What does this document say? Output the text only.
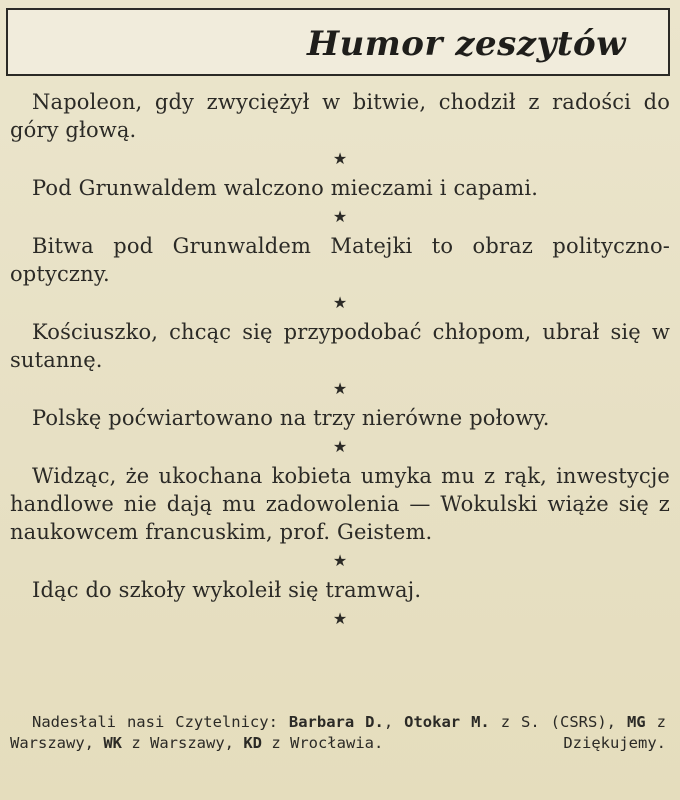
Humor zeszytów

Napoleon, gdy zwyciężył w bitwie, chodził z radości do góry głową.

★

Pod Grunwaldem walczono mieczami i capami.

★

Bitwa pod Grunwaldem Matejki to obraz polityczno-optyczny.

★

Kościuszko, chcąc się przypodobać chłopom, ubrał się w sutannę.

★

Polskę poćwiartowano na trzy nierówne połowy.

★

Widząc, że ukochana kobieta umyka mu z rąk, inwestycje handlowe nie dają mu zadowolenia — Wokulski wiąże się z naukowcem francuskim, prof. Geistem.

★

Idąc do szkoły wykoleił się tramwaj.

★
Nadesłali nasi Czytelnicy: Barbara D., Otokar M. z S. (CSRS), MG z Warszawy, WK z Warszawy, KD z Wrocławia.	Dziękujemy.
